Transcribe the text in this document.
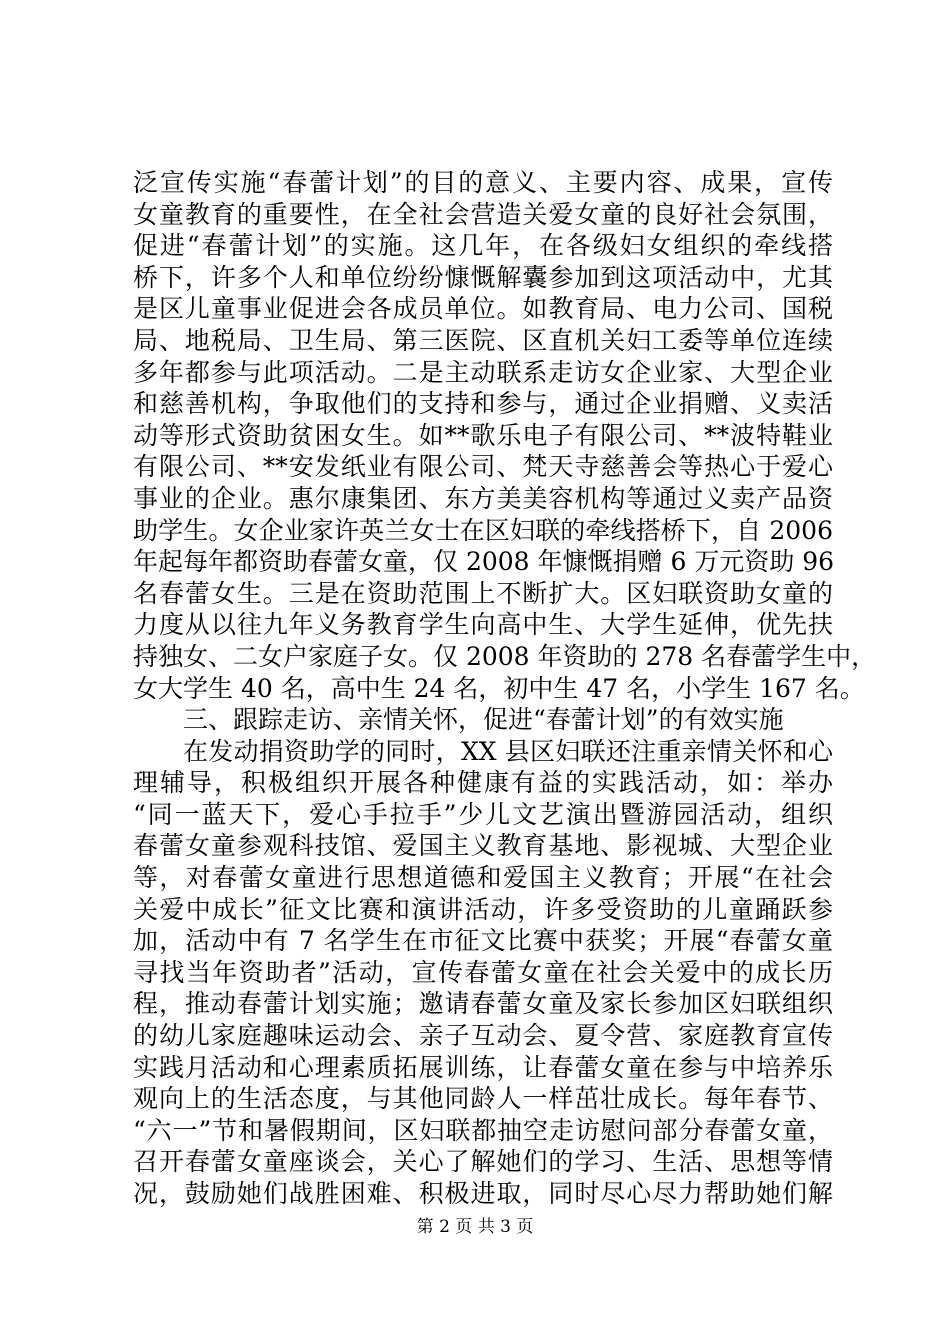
泛宣传实施“春蕾计划”的目的意义、主要内容、成果，宣传
女童教育的重要性，在全社会营造关爱女童的良好社会氛围，
促进“春蕾计划”的实施。这几年，在各级妇女组织的牵线搭
桥下，许多个人和单位纷纷慷慨解囊参加到这项活动中，尤其
是区儿童事业促进会各成员单位。如教育局、电力公司、国税
局、地税局、卫生局、第三医院、区直机关妇工委等单位连续
多年都参与此项活动。二是主动联系走访女企业家、大型企业
和慈善机构，争取他们的支持和参与，通过企业捐赠、义卖活
动等形式资助贫困女生。如**歌乐电子有限公司、**波特鞋业
有限公司、**安发纸业有限公司、梵天寺慈善会等热心于爱心
事业的企业。惠尔康集团、东方美美容机构等通过义卖产品资
助学生。女企业家许英兰女士在区妇联的牵线搭桥下，自 2006
年起每年都资助春蕾女童，仅 2008 年慷慨捐赠 6 万元资助 96
名春蕾女生。三是在资助范围上不断扩大。区妇联资助女童的
力度从以往九年义务教育学生向高中生、大学生延伸，优先扶
持独女、二女户家庭子女。仅 2008 年资助的 278 名春蕾学生中，
女大学生 40 名，高中生 24 名，初中生 47 名，小学生 167 名。
三、跟踪走访、亲情关怀，促进“春蕾计划”的有效实施
在发动捐资助学的同时，XX 县区妇联还注重亲情关怀和心
理辅导，积极组织开展各种健康有益的实践活动，如：举办
“同一蓝天下，爱心手拉手”少儿文艺演出暨游园活动，组织
春蕾女童参观科技馆、爱国主义教育基地、影视城、大型企业
等，对春蕾女童进行思想道德和爱国主义教育；开展“在社会
关爱中成长”征文比赛和演讲活动，许多受资助的儿童踊跃参
加，活动中有 7 名学生在市征文比赛中获奖；开展“春蕾女童
寻找当年资助者”活动，宣传春蕾女童在社会关爱中的成长历
程，推动春蕾计划实施；邀请春蕾女童及家长参加区妇联组织
的幼儿家庭趣味运动会、亲子互动会、夏令营、家庭教育宣传
实践月活动和心理素质拓展训练，让春蕾女童在参与中培养乐
观向上的生活态度，与其他同龄人一样茁壮成长。每年春节、
“六一”节和暑假期间，区妇联都抽空走访慰问部分春蕾女童，
召开春蕾女童座谈会，关心了解她们的学习、生活、思想等情
况，鼓励她们战胜困难、积极进取，同时尽心尽力帮助她们解
第 2 页 共 3 页
